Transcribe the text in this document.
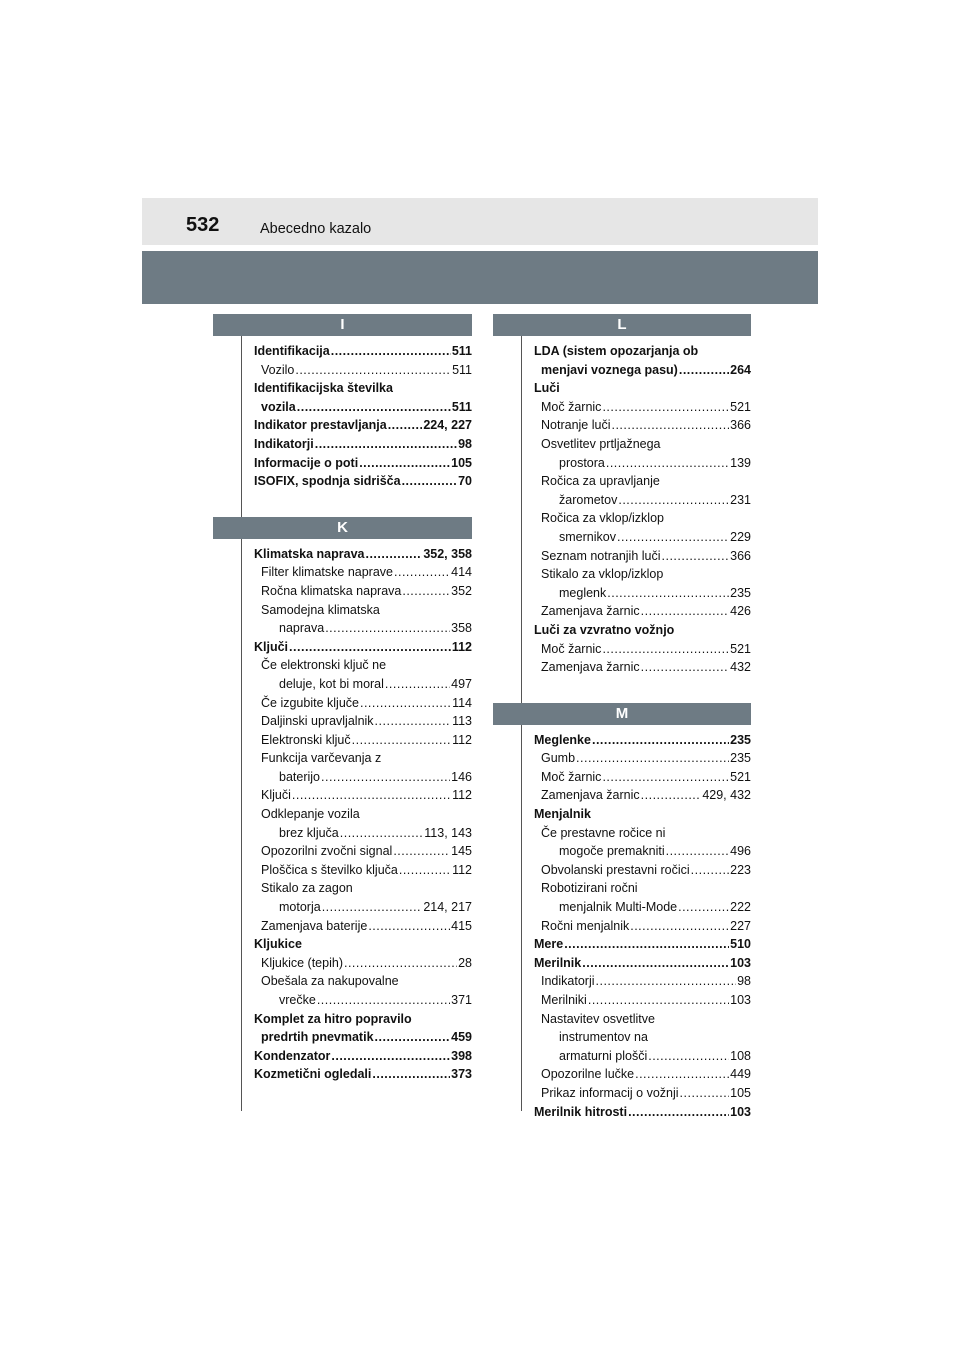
532	Abecedno kazalo
I
Identifikacija .....	511
Vozilo .....	511
Identifikacijska številka
vozila .....	511
Indikator prestavljanja .....	224, 227
Indikatorji .....	98
Informacije o poti .....	105
ISOFIX, spodnja sidrišča .....	70
K
Klimatska naprava .....	352, 358
Filter klimatske naprave .....	414
Ročna klimatska naprava .....	352
Samodejna klimatska
naprava .....	358
Ključi .....	112
Če elektronski ključ ne
deluje, kot bi moral .....	497
Če izgubite ključe .....	114
Daljinski upravljalnik .....	113
Elektronski ključ .....	112
Funkcija varčevanja z
baterijo .....	146
Ključi .....	112
Odklepanje vozila
brez ključa .....	113, 143
Opozorilni zvočni signal .....	145
Ploščica s številko ključa .....	112
Stikalo za zagon
motorja .....	214, 217
Zamenjava baterije .....	415
Kljukice
Kljukice (tepih) .....	28
Obešala za nakupovalne
vrečke .....	371
Komplet za hitro popravilo
predrtih pnevmatik .....	459
Kondenzator .....	398
Kozmetični ogledali .....	373
L
LDA (sistem opozarjanja ob
menjavi voznega pasu) .....	264
Luči
Moč žarnic .....	521
Notranje luči .....	366
Osvetlitev prtljažnega
prostora .....	139
Ročica za upravljanje
žarometov .....	231
Ročica za vklop/izklop
smernikov .....	229
Seznam notranjih luči .....	366
Stikalo za vklop/izklop
meglenk .....	235
Zamenjava žarnic .....	426
Luči za vzvratno vožnjo
Moč žarnic .....	521
Zamenjava žarnic .....	432
M
Meglenke .....	235
Gumb .....	235
Moč žarnic .....	521
Zamenjava žarnic .....	429, 432
Menjalnik
Če prestavne ročice ni
mogoče premakniti .....	496
Obvolanski prestavni ročici .....	223
Robotizirani ročni
menjalnik Multi-Mode .....	222
Ročni menjalnik .....	227
Mere .....	510
Merilnik .....	103
Indikatorji .....	98
Merilniki .....	103
Nastavitev osvetlitve
instrumentov na
armaturni plošči .....	108
Opozorilne lučke .....	449
Prikaz informacij o vožnji .....	105
Merilnik hitrosti .....	103
